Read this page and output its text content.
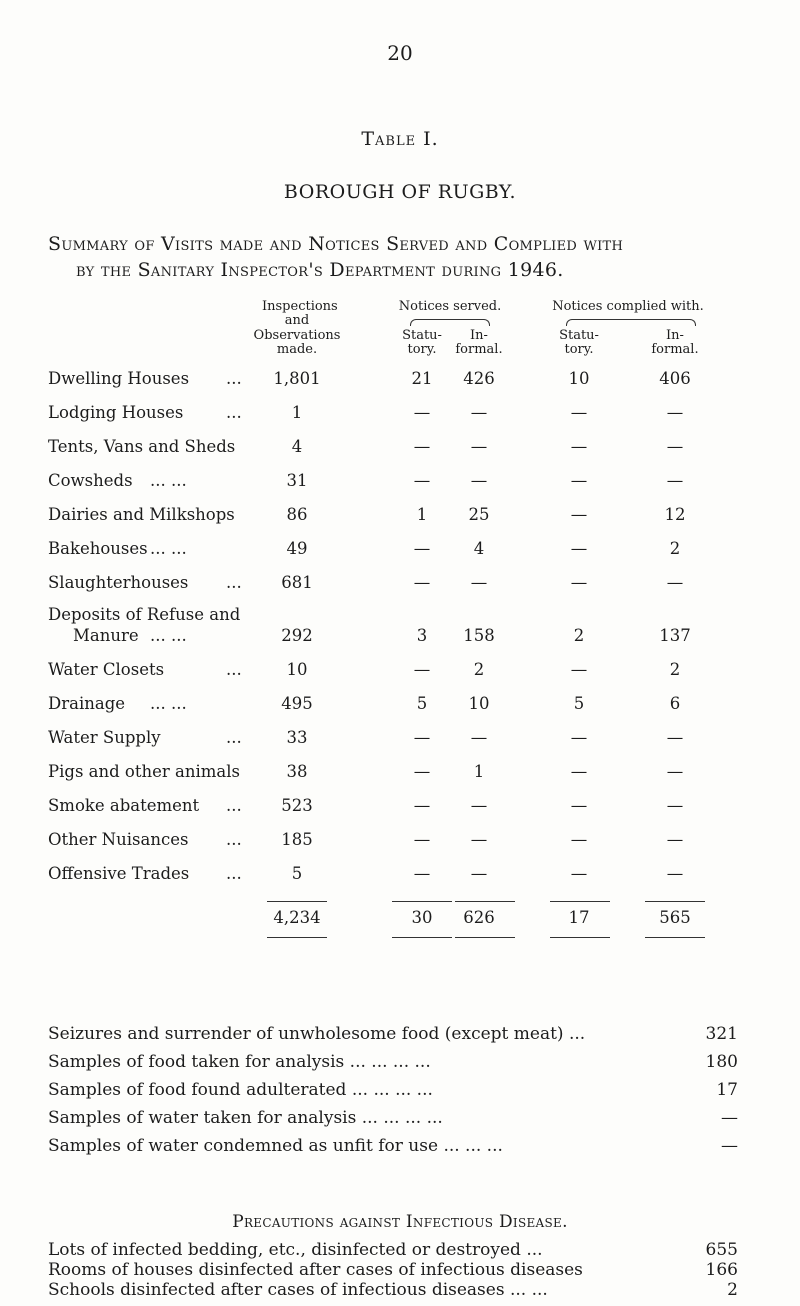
20
Table I.
BOROUGH OF RUGBY.
Summary of Visits made and Notices Served and Complied with
by the Sanitary Inspector's Department during 1946.
Inspections
and
Observations
made.
Notices served.
Statu-
tory.
In-
formal.
Notices complied with.
Statu-
tory.
In-
formal.
Dwelling Houses ...	1,801	21	426	10	406
Lodging Houses	...	1	—	—	—	—
Tents, Vans and Sheds	4	—	—	—	—
Cowsheds ... ...	31	—	—	—	—
Dairies and Milkshops	86	1	25	—	12
Bakehouses ... ...	49	—	4	—	2
Slaughterhouses ...	681	—	—	—	—
Deposits of Refuse and
Manure ... ...	292	3	158	2	137
Water Closets	...	10	—	2	—	2
Drainage ... ...	495	5	10	5	6
Water Supply	...	33	—	—	—	—
Pigs and other animals	38	—	1	—	—
Smoke abatement ...	523	—	—	—	—
Other Nuisances ...	185	—	—	—	—
Offensive Trades ...	5	—	—	—	—
4,234	30	626	17	565
Seizures and surrender of unwholesome food (except meat) ...	321
Samples of food taken for analysis ... ... ... ...	180
Samples of food found adulterated ... ... ... ...	17
Samples of water taken for analysis ... ... ... ...	—
Samples of water condemned as unfit for use ... ... ...	—
Precautions against Infectious Disease.
Lots of infected bedding, etc., disinfected or destroyed ...	655
Rooms of houses disinfected after cases of infectious diseases	166
Schools disinfected after cases of infectious diseases ... ...	2
